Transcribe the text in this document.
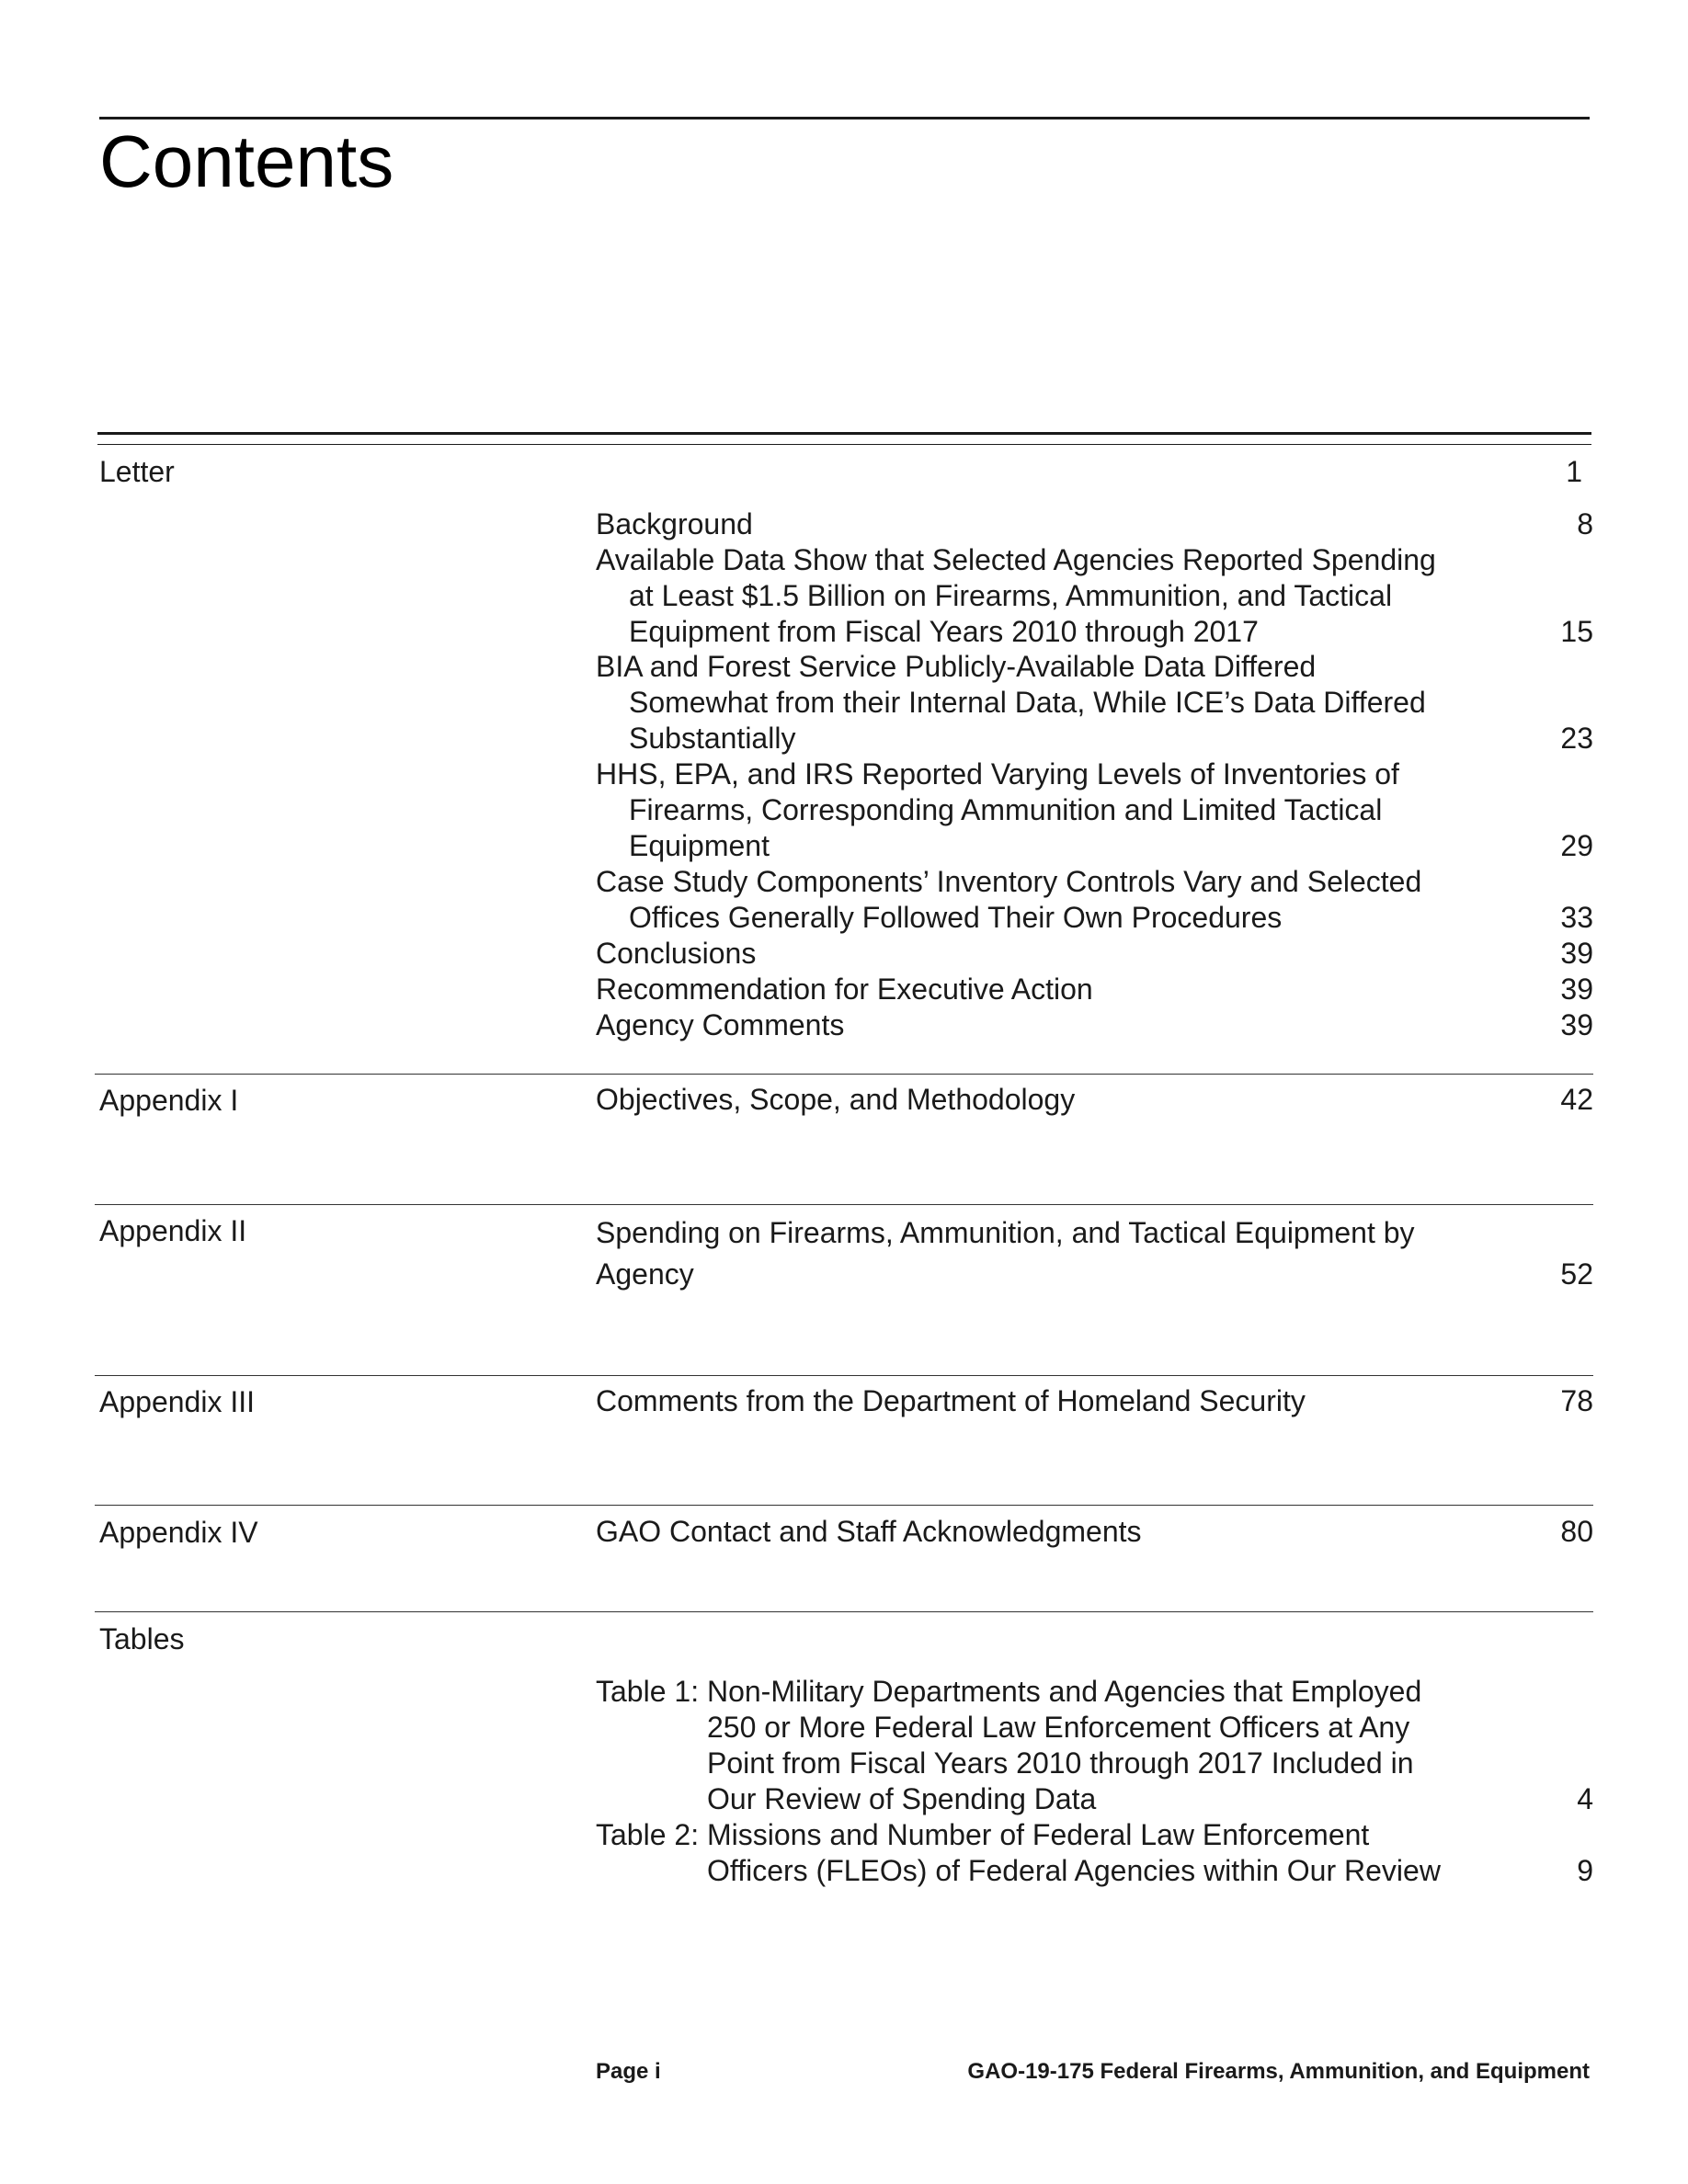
Contents
Letter	1
Background	8
Available Data Show that Selected Agencies Reported Spending
at Least $1.5 Billion on Firearms, Ammunition, and Tactical
Equipment from Fiscal Years 2010 through 2017	15
BIA and Forest Service Publicly-Available Data Differed
Somewhat from their Internal Data, While ICE’s Data Differed
Substantially	23
HHS, EPA, and IRS Reported Varying Levels of Inventories of
Firearms, Corresponding Ammunition and Limited Tactical
Equipment	29
Case Study Components’ Inventory Controls Vary and Selected
Offices Generally Followed Their Own Procedures	33
Conclusions	39
Recommendation for Executive Action	39
Agency Comments	39
Appendix I	Objectives, Scope, and Methodology	42
Appendix II	Spending on Firearms, Ammunition, and Tactical Equipment by
Agency	52
Appendix III	Comments from the Department of Homeland Security	78
Appendix IV	GAO Contact and Staff Acknowledgments	80
Tables
Table 1: Non-Military Departments and Agencies that Employed
250 or More Federal Law Enforcement Officers at Any
Point from Fiscal Years 2010 through 2017 Included in
Our Review of Spending Data	4
Table 2: Missions and Number of Federal Law Enforcement
Officers (FLEOs) of Federal Agencies within Our Review	9
Page i	GAO-19-175 Federal Firearms, Ammunition, and Equipment
